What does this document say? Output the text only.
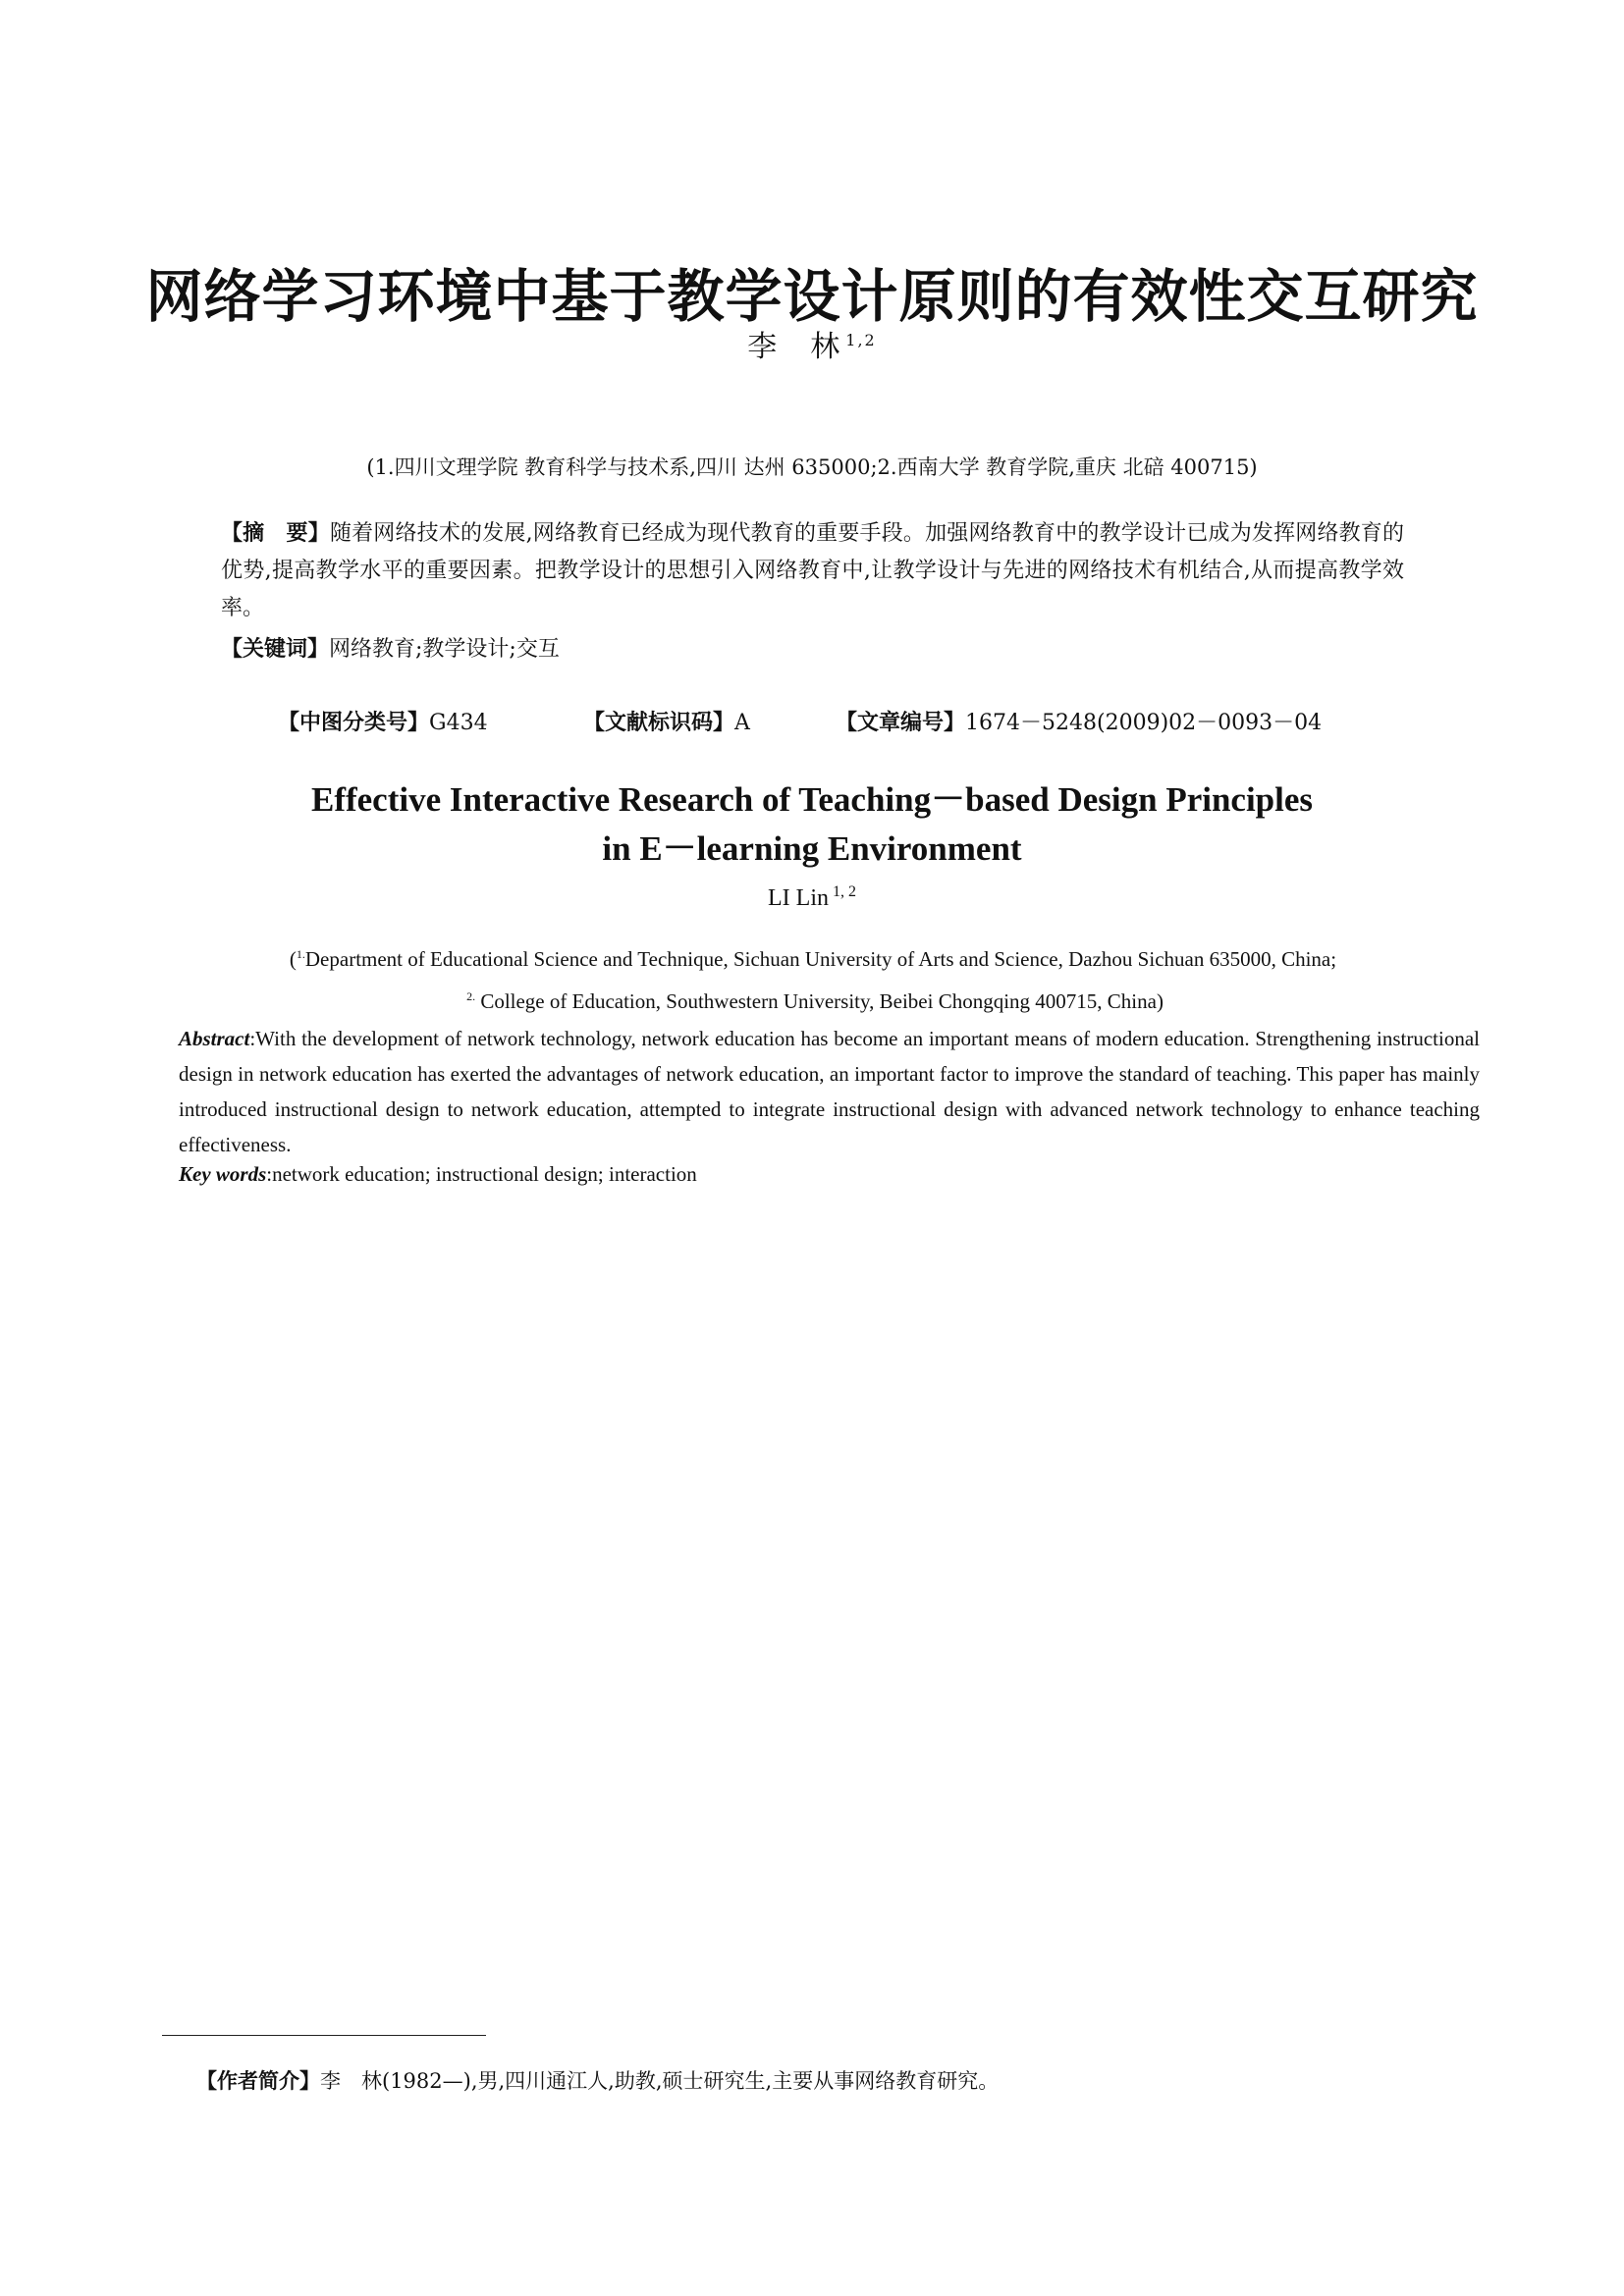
网络学习环境中基于教学设计原则的有效性交互研究
李　林 $^{1,2}$
(1.四川文理学院 教育科学与技术系,四川 达州 635000;2.西南大学 教育学院,重庆 北碚 400715)
【摘　要】随着网络技术的发展,网络教育已经成为现代教育的重要手段。加强网络教育中的教学设计已成为发挥网络教育的优势,提高教学水平的重要因素。把教学设计的思想引入网络教育中,让教学设计与先进的网络技术有机结合,从而提高教学效率。
【关键词】网络教育;教学设计;交互
【中图分类号】G434	【文献标识码】A	【文章编号】1674－5248(2009)02－0093－04
Effective Interactive Research of Teaching－based Design Principles
in E－learning Environment
LI Lin $^{1, 2}$
($^{1.}$Department of Educational Science and Technique, Sichuan University of Arts and Science, Dazhou Sichuan 635000, China;
$^{2.}$ College of Education, Southwestern University, Beibei Chongqing 400715, China)
Abstract:With the development of network technology, network education has become an important means of modern education. Strengthening instructional design in network education has exerted the advantages of network education, an important factor to improve the standard of teaching. This paper has mainly introduced instructional design to network education, attempted to integrate instructional design with advanced network technology to enhance teaching effectiveness.
Key words:network education; instructional design; interaction
【作者简介】李　林(1982—),男,四川通江人,助教,硕士研究生,主要从事网络教育研究。
